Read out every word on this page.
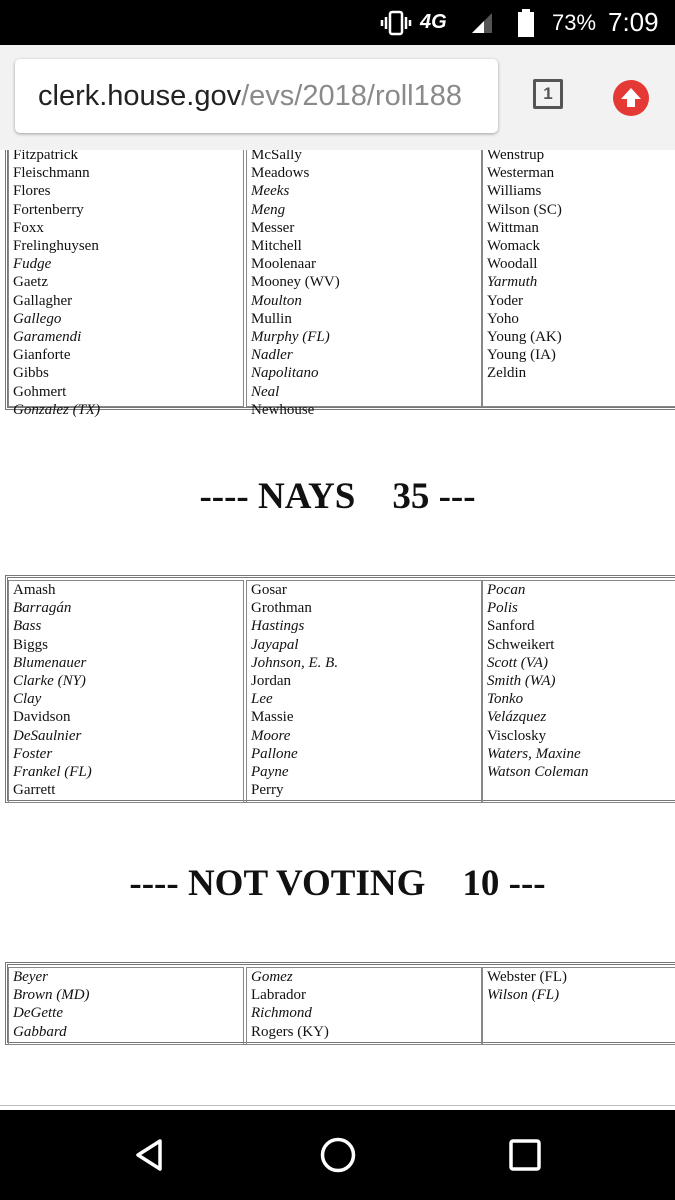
4G	73% 7:09
clerk.house.gov/evs/2018/roll188	1
Fitzpatrick
Fleischmann
Flores
Fortenberry
Foxx
Frelinghuysen
Fudge
Gaetz
Gallagher
Gallego
Garamendi
Gianforte
Gibbs
Gohmert
Gonzalez (TX)
McSally
Meadows
Meeks
Meng
Messer
Mitchell
Moolenaar
Mooney (WV)
Moulton
Mullin
Murphy (FL)
Nadler
Napolitano
Neal
Newhouse
Wenstrup
Westerman
Williams
Wilson (SC)
Wittman
Womack
Woodall
Yarmuth
Yoder
Yoho
Young (AK)
Young (IA)
Zeldin
---- NAYS    35 ---
Amash
Barragán
Bass
Biggs
Blumenauer
Clarke (NY)
Clay
Davidson
DeSaulnier
Foster
Frankel (FL)
Garrett
Gosar
Grothman
Hastings
Jayapal
Johnson, E. B.
Jordan
Lee
Massie
Moore
Pallone
Payne
Perry
Pocan
Polis
Sanford
Schweikert
Scott (VA)
Smith (WA)
Tonko
Velázquez
Visclosky
Waters, Maxine
Watson Coleman
---- NOT VOTING    10 ---
Beyer
Brown (MD)
DeGette
Gabbard
Gomez
Labrador
Richmond
Rogers (KY)
Webster (FL)
Wilson (FL)
